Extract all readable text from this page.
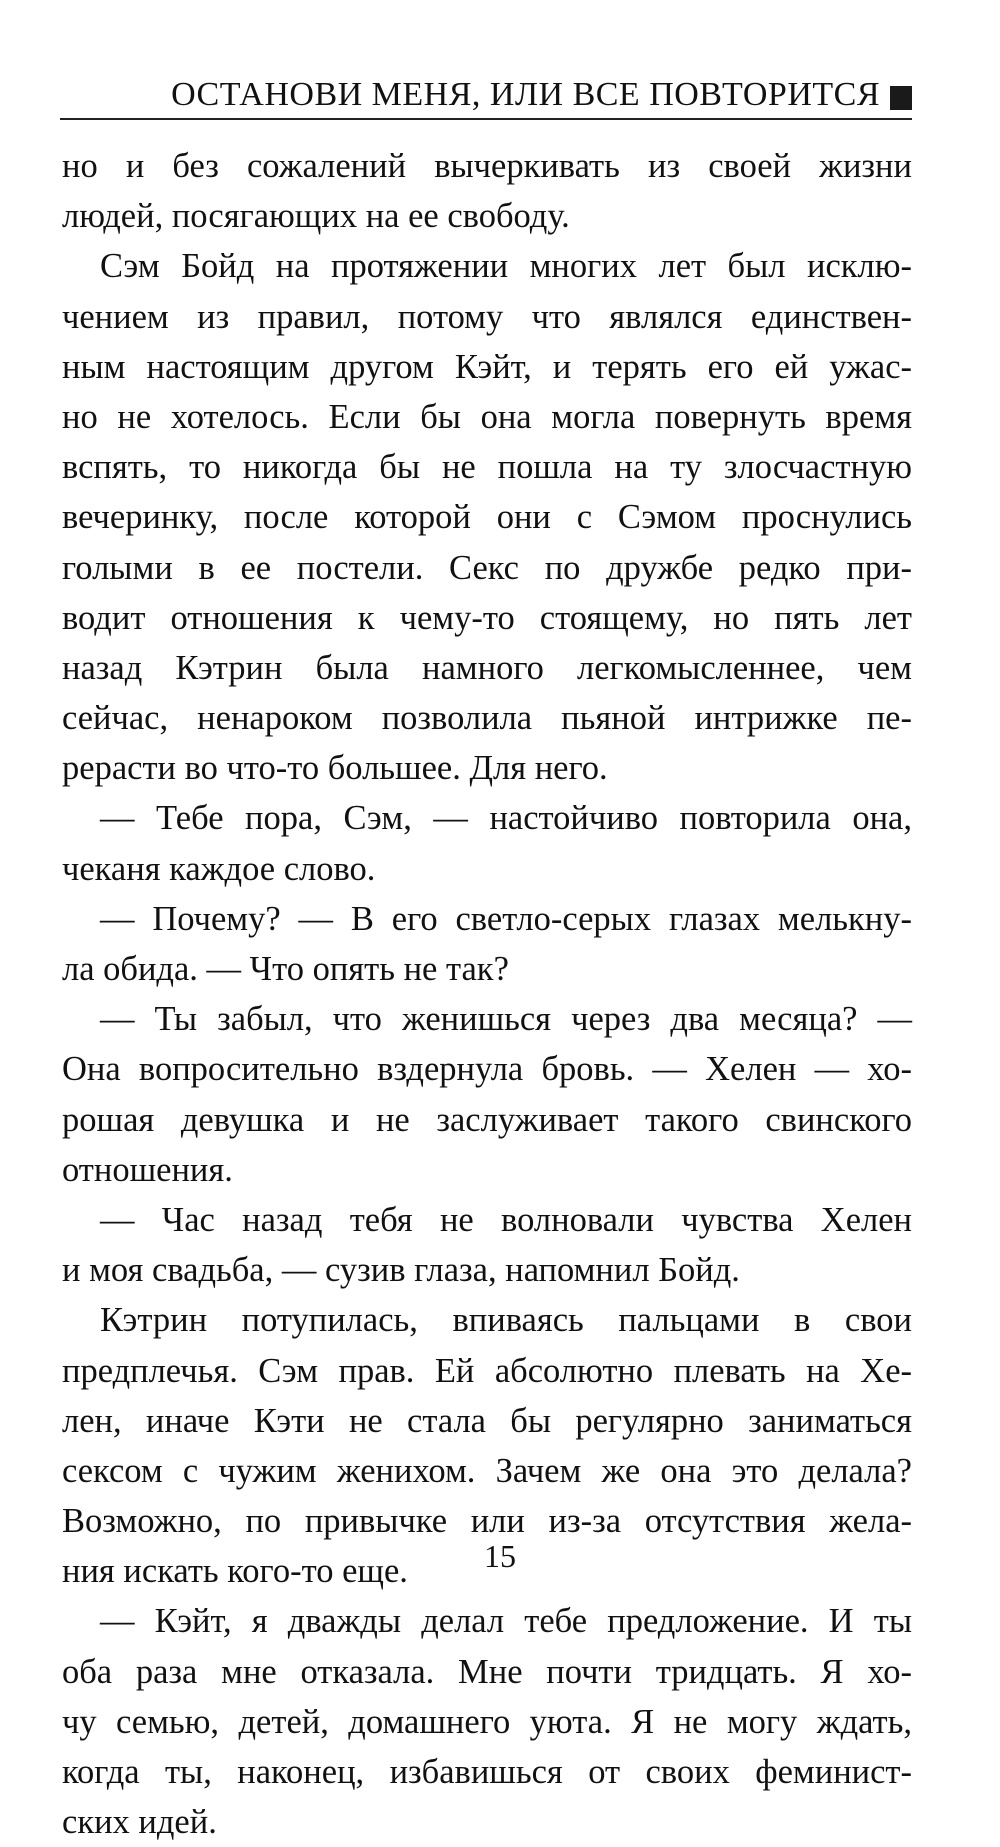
ОСТАНОВИ МЕНЯ, ИЛИ ВСЕ ПОВТОРИТСЯ
но и без сожалений вычеркивать из своей жизни
людей, посягающих на ее свободу.
Сэм Бойд на протяжении многих лет был исклю-
чением из правил, потому что являлся единствен-
ным настоящим другом Кэйт, и терять его ей ужас-
но не хотелось. Если бы она могла повернуть время
вспять, то никогда бы не пошла на ту злосчастную
вечеринку, после которой они с Сэмом проснулись
голыми в ее постели. Секс по дружбе редко при-
водит отношения к чему-то стоящему, но пять лет
назад Кэтрин была намного легкомысленнее, чем
сейчас, ненароком позволила пьяной интрижке пе-
рерасти во что-то большее. Для него.
— Тебе пора, Сэм, — настойчиво повторила она,
чеканя каждое слово.
— Почему? — В его светло-серых глазах мелькну-
ла обида. — Что опять не так?
— Ты забыл, что женишься через два месяца? —
Она вопросительно вздернула бровь. — Хелен — хо-
рошая девушка и не заслуживает такого свинского
отношения.
— Час назад тебя не волновали чувства Хелен
и моя свадьба, — сузив глаза, напомнил Бойд.
Кэтрин потупилась, впиваясь пальцами в свои
предплечья. Сэм прав. Ей абсолютно плевать на Хе-
лен, иначе Кэти не стала бы регулярно заниматься
сексом с чужим женихом. Зачем же она это делала?
Возможно, по привычке или из-за отсутствия жела-
ния искать кого-то еще.
— Кэйт, я дважды делал тебе предложение. И ты
оба раза мне отказала. Мне почти тридцать. Я хо-
чу семью, детей, домашнего уюта. Я не могу ждать,
когда ты, наконец, избавишься от своих феминист-
ских идей.
15
